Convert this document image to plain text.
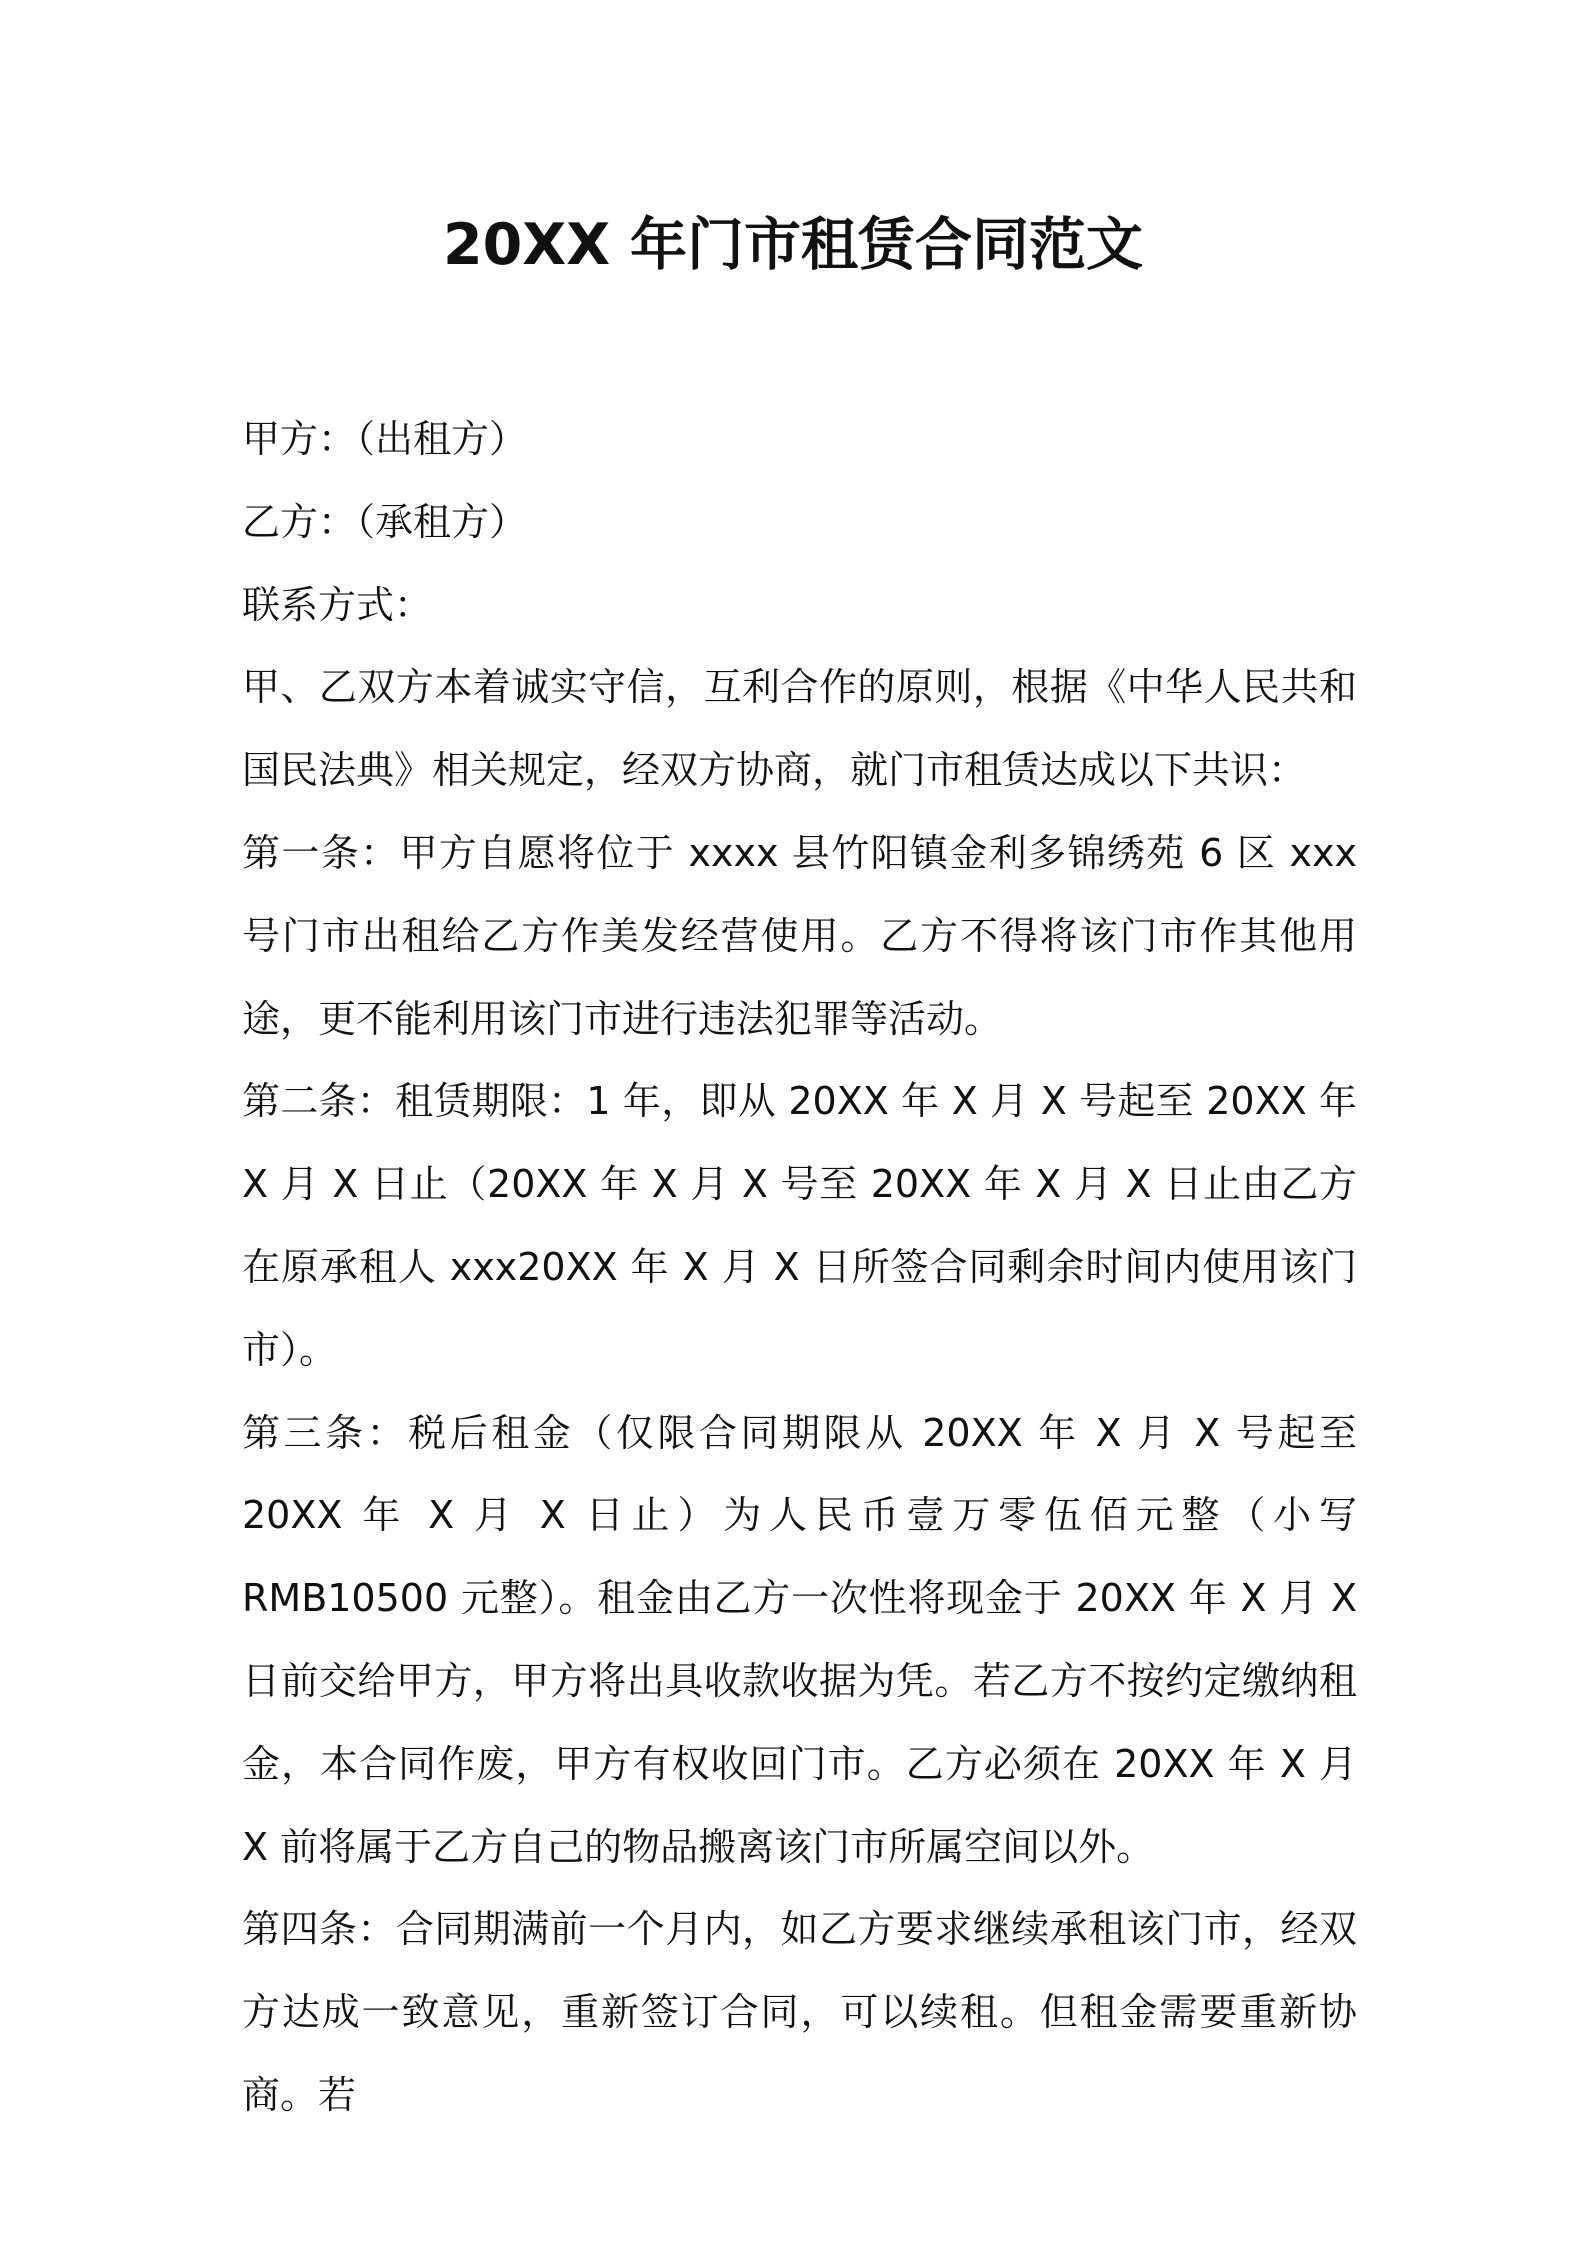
20XX 年门市租赁合同范文

甲方：（出租方）

乙方：（承租方）

联系方式：

甲、乙双方本着诚实守信，互利合作的原则，根据《中华人民共和国民法典》相关规定，经双方协商，就门市租赁达成以下共识：

第一条：甲方自愿将位于 xxxx 县竹阳镇金利多锦绣苑 6 区 xxx 号门市出租给乙方作美发经营使用。乙方不得将该门市作其他用途，更不能利用该门市进行违法犯罪等活动。

第二条：租赁期限：1 年，即从 20XX 年 X 月 X 号起至 20XX 年 X 月 X 日止（20XX 年 X 月 X 号至 20XX 年 X 月 X 日止由乙方在原承租人 xxx20XX 年 X 月 X 日所签合同剩余时间内使用该门市）。

第三条：税后租金（仅限合同期限从 20XX 年 X 月 X 号起至 20XX 年 X 月 X 日止）为人民币壹万零伍佰元整（小写 RMB10500 元整）。租金由乙方一次性将现金于 20XX 年 X 月 X 日前交给甲方，甲方将出具收款收据为凭。若乙方不按约定缴纳租金，本合同作废，甲方有权收回门市。乙方必须在 20XX 年 X 月 X 前将属于乙方自己的物品搬离该门市所属空间以外。

第四条：合同期满前一个月内，如乙方要求继续承租该门市，经双方达成一致意见，重新签订合同，可以续租。但租金需要重新协商。若
